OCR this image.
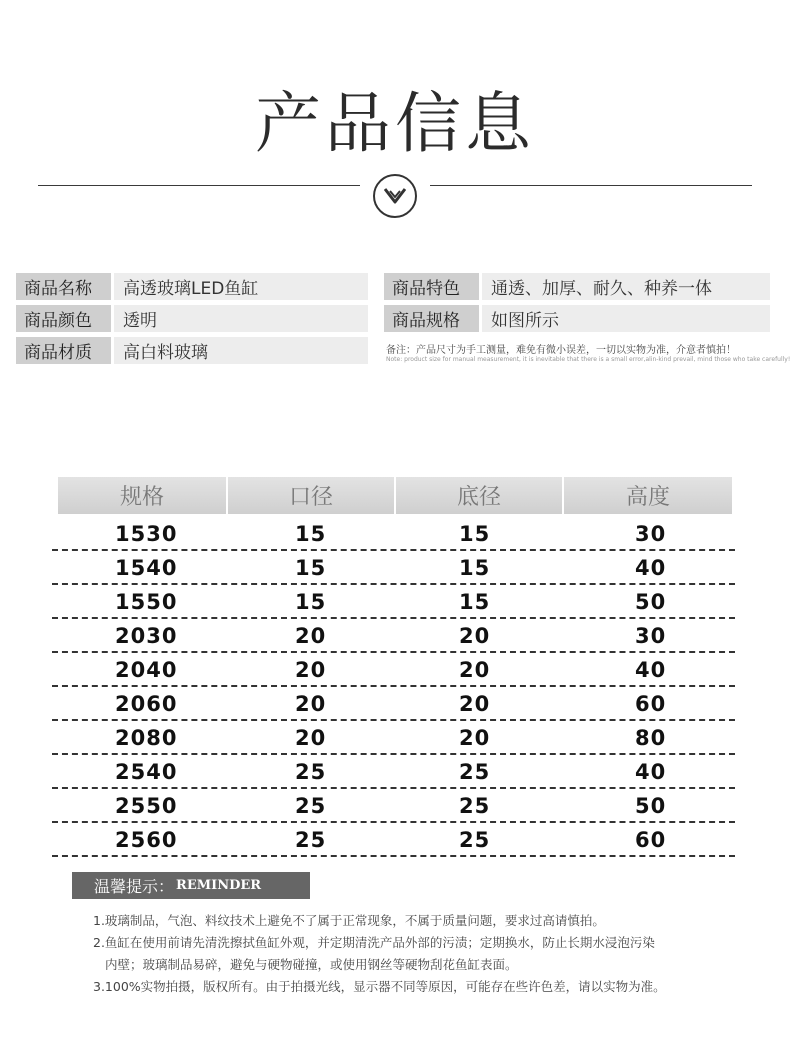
产品信息
商品名称	高透玻璃LED鱼缸
商品颜色	透明
商品材质	高白料玻璃
商品特色	通透、加厚、耐久、种养一体
商品规格	如图所示
备注：产品尺寸为手工测量，难免有微小误差，一切以实物为准，介意者慎拍！
Note: product size for manual measurement, it is inevitable that there is a small error,alin-kind prevail, mind those who take carefully!
规格	口径	底径	高度
1530	15	15	30
1540	15	15	40
1550	15	15	50
2030	20	20	30
2040	20	20	40
2060	20	20	60
2080	20	20	80
2540	25	25	40
2550	25	25	50
2560	25	25	60
温馨提示： REMINDER
1.玻璃制品，气泡、料纹技术上避免不了属于正常现象，不属于质量问题，要求过高请慎拍。
2.鱼缸在使用前请先清洗擦拭鱼缸外观，并定期清洗产品外部的污渍；定期换水，防止长期水浸泡污染
内壁；玻璃制品易碎，避免与硬物碰撞，或使用钢丝等硬物刮花鱼缸表面。
3.100%实物拍摄，版权所有。由于拍摄光线，显示器不同等原因，可能存在些许色差，请以实物为准。
